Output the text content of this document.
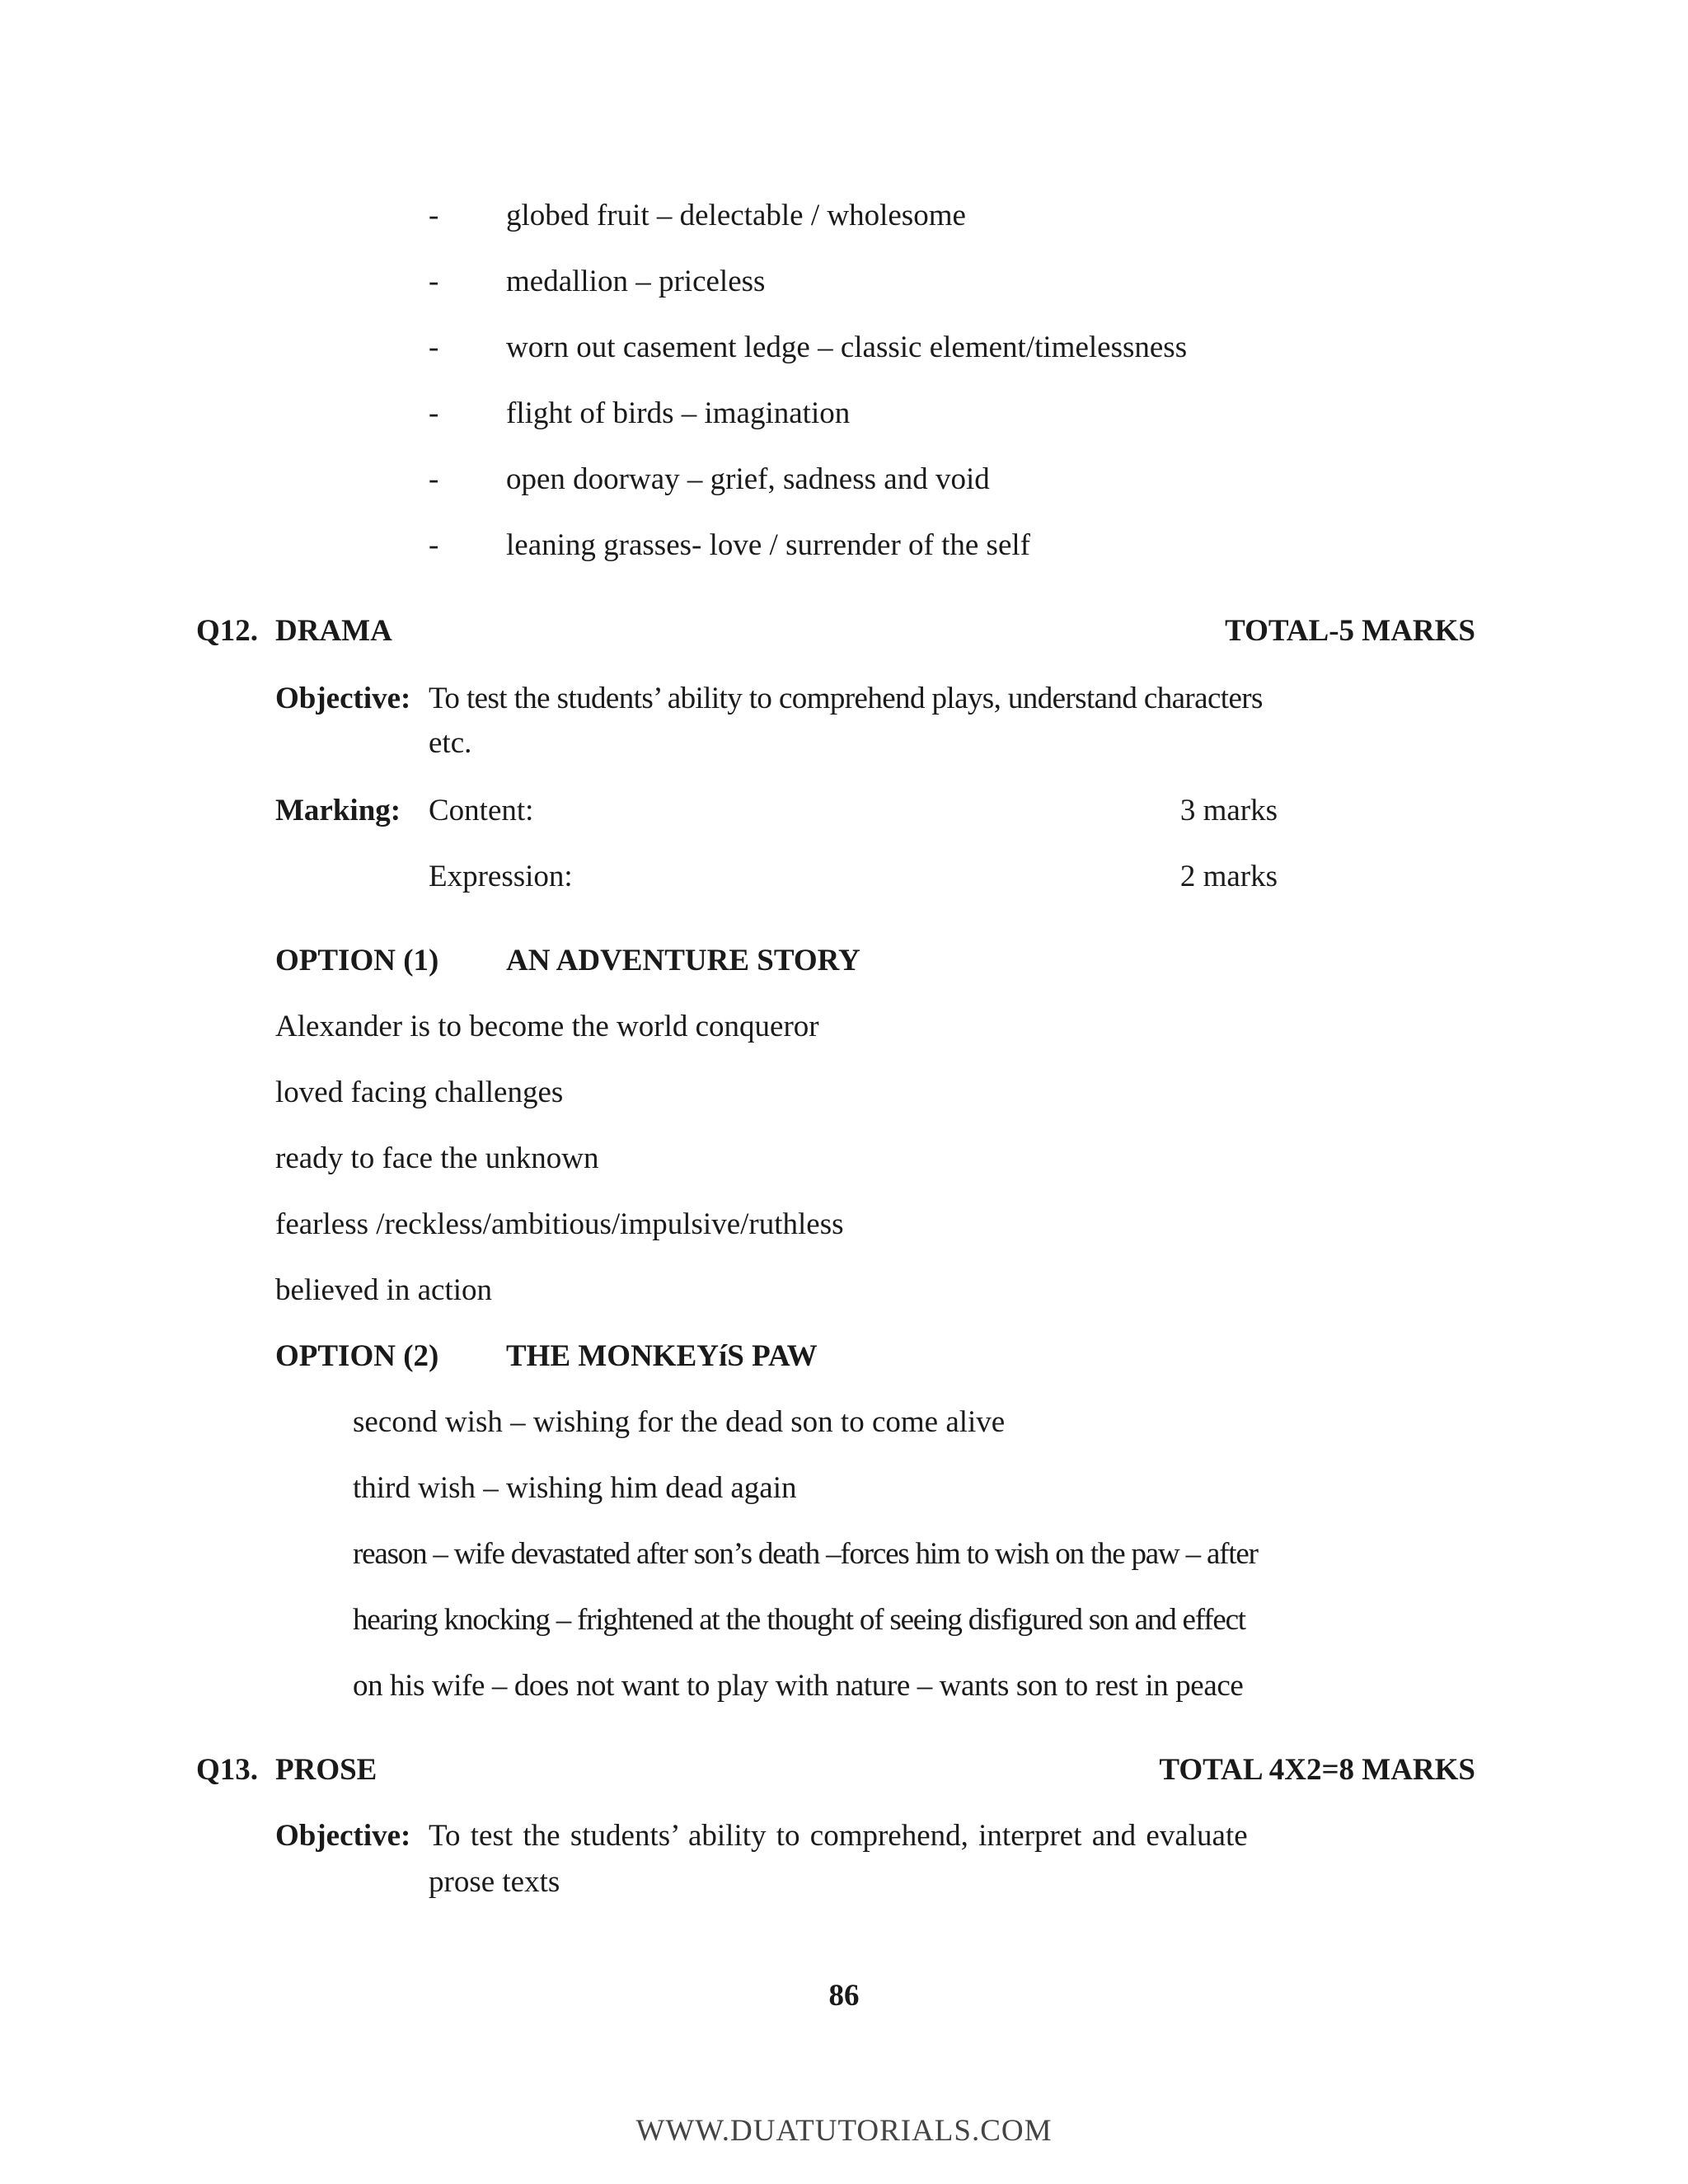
- globed fruit – delectable / wholesome
- medallion – priceless
- worn out casement ledge – classic element/timelessness
- flight of birds – imagination
- open doorway – grief, sadness and void
- leaning grasses- love / surrender of the self
Q12. DRAMA	TOTAL-5 MARKS
Objective: To test the students’ ability to comprehend plays, understand characters
etc.
Marking: Content:	3 marks
Expression:	2 marks
OPTION (1) AN ADVENTURE STORY
Alexander is to become the world conqueror
loved facing challenges
ready to face the unknown
fearless /reckless/ambitious/impulsive/ruthless
believed in action
OPTION (2) THE MONKEYíS PAW
second wish – wishing for the dead son to come alive
third wish – wishing him dead again
reason – wife devastated after son’s death –forces him to wish on the paw – after
hearing knocking – frightened at the thought of seeing disfigured son and effect
on his wife – does not want to play with nature – wants son to rest in peace
Q13. PROSE	TOTAL 4X2=8 MARKS
Objective: To test the students’ ability to comprehend, interpret and evaluate
prose texts
86
WWW.DUATUTORIALS.COM
